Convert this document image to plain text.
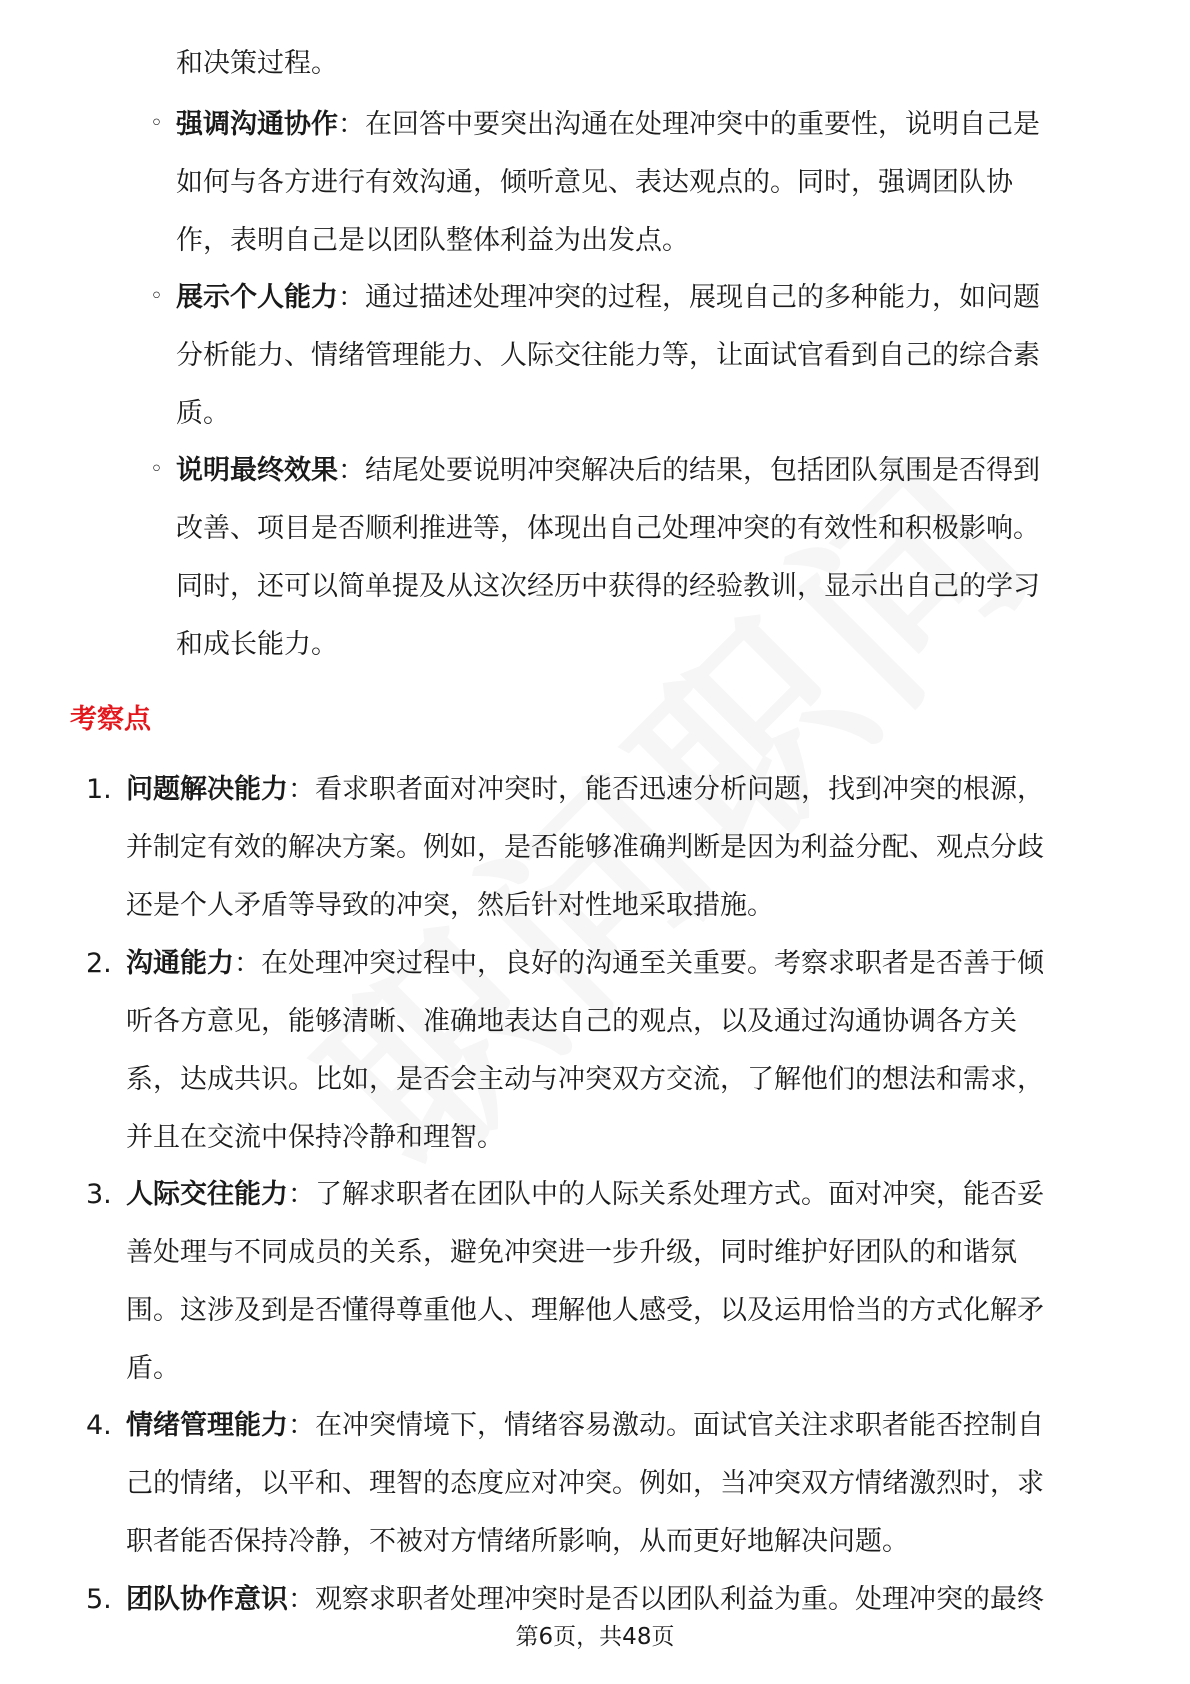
和决策过程。
◦ 强调沟通协作：在回答中要突出沟通在处理冲突中的重要性，说明自己是
如何与各方进行有效沟通，倾听意见、表达观点的。同时，强调团队协
作，表明自己是以团队整体利益为出发点。
◦ 展示个人能力：通过描述处理冲突的过程，展现自己的多种能力，如问题
分析能力、情绪管理能力、人际交往能力等，让面试官看到自己的综合素
质。
◦ 说明最终效果：结尾处要说明冲突解决后的结果，包括团队氛围是否得到
改善、项目是否顺利推进等，体现出自己处理冲突的有效性和积极影响。
同时，还可以简单提及从这次经历中获得的经验教训，显示出自己的学习
和成长能力。
考察点
1. 问题解决能力：看求职者面对冲突时，能否迅速分析问题，找到冲突的根源，
并制定有效的解决方案。例如，是否能够准确判断是因为利益分配、观点分歧
还是个人矛盾等导致的冲突，然后针对性地采取措施。
2. 沟通能力：在处理冲突过程中，良好的沟通至关重要。考察求职者是否善于倾
听各方意见，能够清晰、准确地表达自己的观点，以及通过沟通协调各方关
系，达成共识。比如，是否会主动与冲突双方交流，了解他们的想法和需求，
并且在交流中保持冷静和理智。
3. 人际交往能力：了解求职者在团队中的人际关系处理方式。面对冲突，能否妥
善处理与不同成员的关系，避免冲突进一步升级，同时维护好团队的和谐氛
围。这涉及到是否懂得尊重他人、理解他人感受，以及运用恰当的方式化解矛
盾。
4. 情绪管理能力：在冲突情境下，情绪容易激动。面试官关注求职者能否控制自
己的情绪，以平和、理智的态度应对冲突。例如，当冲突双方情绪激烈时，求
职者能否保持冷静，不被对方情绪所影响，从而更好地解决问题。
5. 团队协作意识：观察求职者处理冲突时是否以团队利益为重。处理冲突的最终
第6页，共48页
